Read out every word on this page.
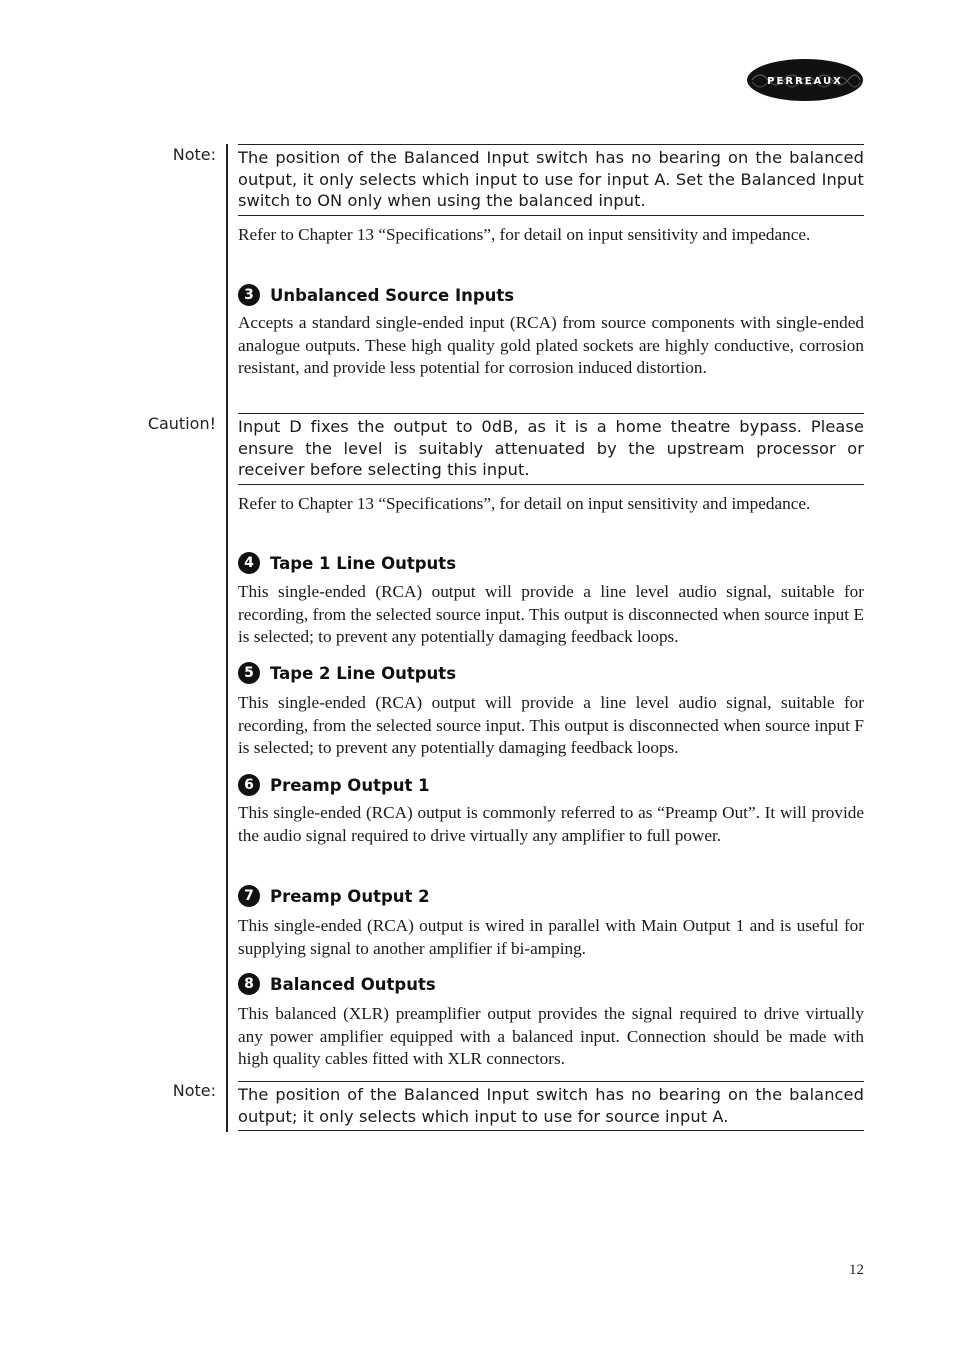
PERREAUX
Note:
Caution!
Note:
The position of the Balanced Input switch has no bearing on the balanced output, it only selects which input to use for input A. Set the Balanced Input switch to ON only when using the balanced input.

Refer to Chapter 13 “Specifications”, for detail on input sensitivity and impedance.

3 Unbalanced Source Inputs

Accepts a standard single-ended input (RCA) from source components with single-ended analogue outputs. These high quality gold plated sockets are highly conductive, corrosion resistant, and provide less potential for corrosion induced distortion.

Input D fixes the output to 0dB, as it is a home theatre bypass. Please ensure the level is suitably attenuated by the upstream processor or receiver before selecting this input.

Refer to Chapter 13 “Specifications”, for detail on input sensitivity and impedance.

4 Tape 1 Line Outputs

This single-ended (RCA) output will provide a line level audio signal, suitable for recording, from the selected source input. This output is disconnected when source input E is selected; to prevent any potentially damaging feedback loops.

5 Tape 2 Line Outputs

This single-ended (RCA) output will provide a line level audio signal, suitable for recording, from the selected source input. This output is disconnected when source input F is selected; to prevent any potentially damaging feedback loops.

6 Preamp Output 1

This single-ended (RCA) output is commonly referred to as “Preamp Out”. It will provide the audio signal required to drive virtually any amplifier to full power.

7 Preamp Output 2

This single-ended (RCA) output is wired in parallel with Main Output 1 and is useful for supplying signal to another amplifier if bi-amping.

8 Balanced Outputs

This balanced (XLR) preamplifier output provides the signal required to drive virtually any power amplifier equipped with a balanced input. Connection should be made with high quality cables fitted with XLR connectors.

The position of the Balanced Input switch has no bearing on the balanced output; it only selects which input to use for source input A.
12
